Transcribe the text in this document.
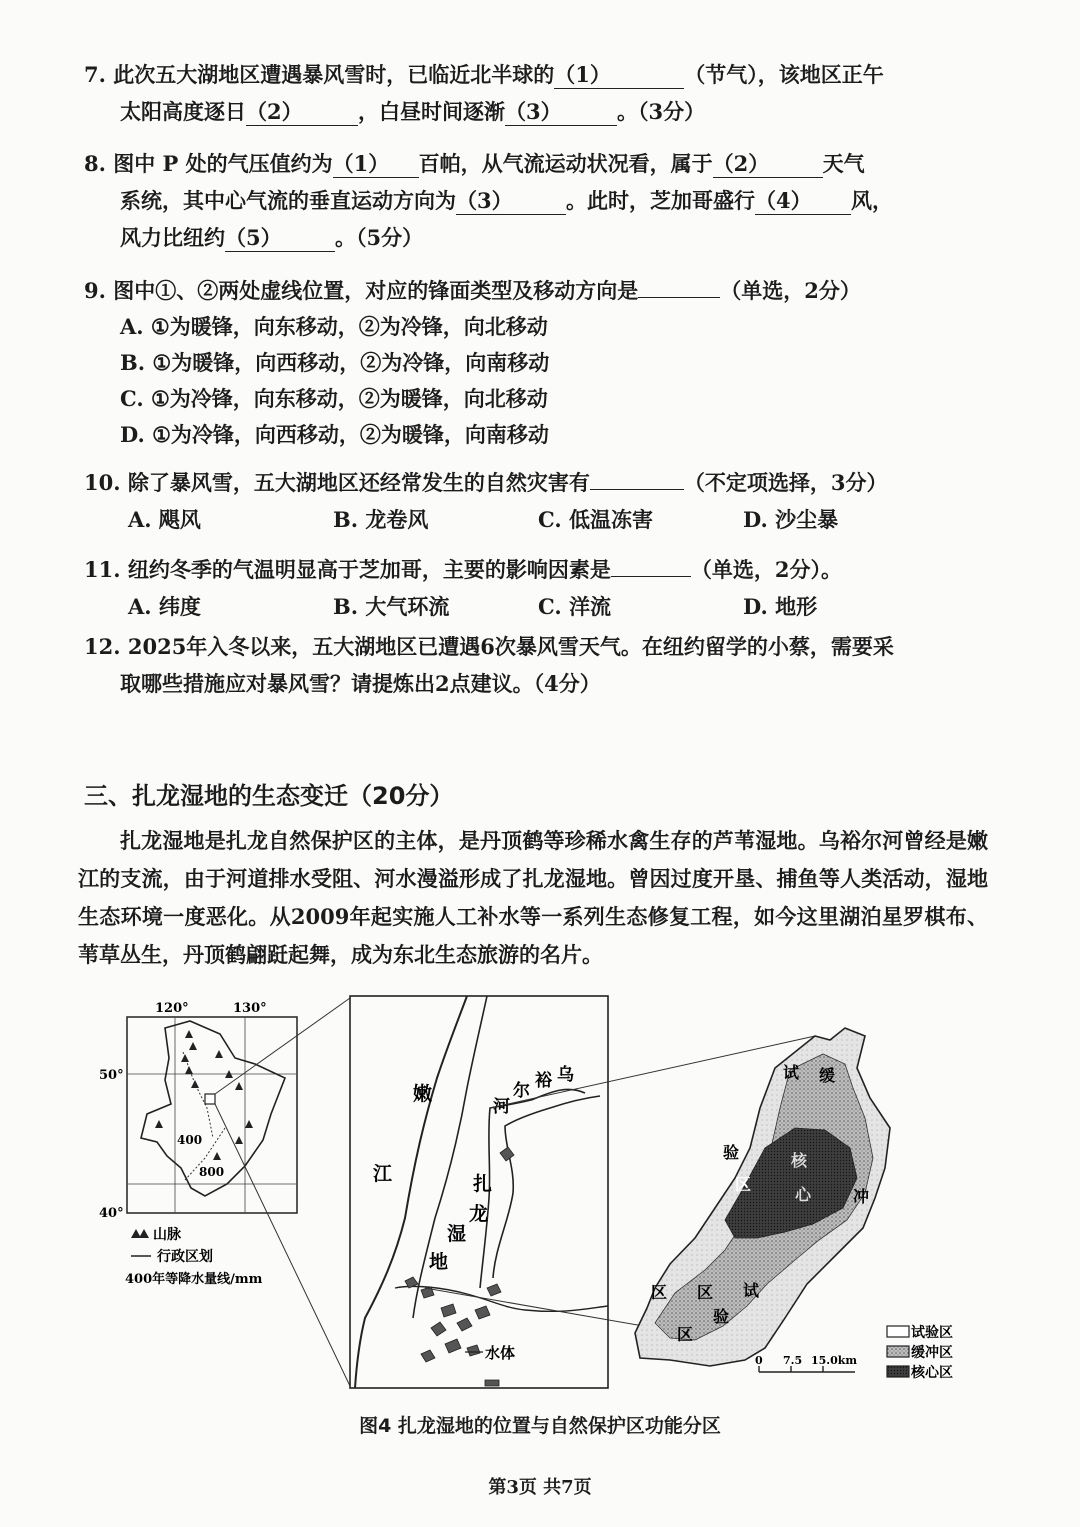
7. 此次五大湖地区遭遇暴风雪时，已临近北半球的（1）	（节气），该地区正午
太阳高度逐日（2）	，白昼时间逐渐（3）	。（3分）
8. 图中 P 处的气压值约为（1） 百帕，从气流运动状况看，属于（2）	天气
系统，其中心气流的垂直运动方向为（3）	。此时，芝加哥盛行（4） 风，
风力比纽约（5）	。（5分）
9. 图中①、②两处虚线位置，对应的锋面类型及移动方向是	（单选，2分）
A. ①为暖锋，向东移动，②为冷锋，向北移动
B. ①为暖锋，向西移动，②为冷锋，向南移动
C. ①为冷锋，向东移动，②为暖锋，向北移动
D. ①为冷锋，向西移动，②为暖锋，向南移动
10. 除了暴风雪，五大湖地区还经常发生的自然灾害有	（不定项选择，3分）
A. 飓风	B. 龙卷风	C. 低温冻害	D. 沙尘暴
11. 纽约冬季的气温明显高于芝加哥，主要的影响因素是	（单选，2分）。
A. 纬度	B. 大气环流	C. 洋流	D. 地形
12. 2025年入冬以来，五大湖地区已遭遇6次暴风雪天气。在纽约留学的小蔡，需要采
取哪些措施应对暴风雪？请提炼出2点建议。（4分）
三、扎龙湿地的生态变迁（20分）

扎龙湿地是扎龙自然保护区的主体，是丹顶鹤等珍稀水禽生存的芦苇湿地。乌裕尔河曾经是嫩江的支流，由于河道排水受阻、河水漫溢形成了扎龙湿地。曾因过度开垦、捕鱼等人类活动，湿地生态环境一度恶化。从2009年起实施人工补水等一系列生态修复工程，如今这里湖泊星罗棋布、苇草丛生，丹顶鹤翩跹起舞，成为东北生态旅游的名片。

120°	130°
50°
40°
400
800
山脉
行政区划
400年等降水量线/mm
嫩
江
乌
裕
尔
河
扎
龙
湿
地
水体
试 缓
验
区
核
心	冲
区 区 试
验
区
0 7.5 15.0km
试验区
缓冲区
核心区
图4 扎龙湿地的位置与自然保护区功能分区
第3页 共7页
